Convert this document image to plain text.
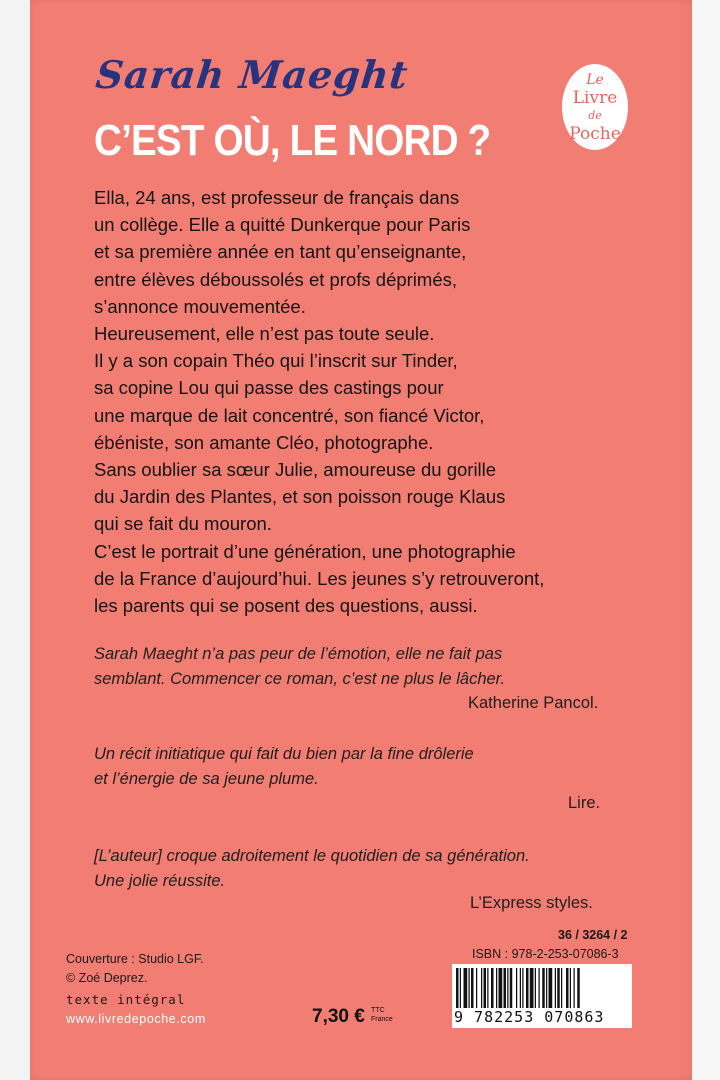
Sarah Maeght
C’EST OÙ, LE NORD ?
Le
Livre
de
Poche
Ella, 24 ans, est professeur de français dans
un collège. Elle a quitté Dunkerque pour Paris
et sa première année en tant qu’enseignante,
entre élèves déboussolés et profs déprimés,
s’annonce mouvementée.
Heureusement, elle n’est pas toute seule.
Il y a son copain Théo qui l’inscrit sur Tinder,
sa copine Lou qui passe des castings pour
une marque de lait concentré, son fiancé Victor,
ébéniste, son amante Cléo, photographe.
Sans oublier sa sœur Julie, amoureuse du gorille
du Jardin des Plantes, et son poisson rouge Klaus
qui se fait du mouron.
C’est le portrait d’une génération, une photographie
de la France d’aujourd’hui. Les jeunes s’y retrouveront,
les parents qui se posent des questions, aussi.
Sarah Maeght n’a pas peur de l’émotion, elle ne fait pas
semblant. Commencer ce roman, c’est ne plus le lâcher.
Katherine Pancol.
Un récit initiatique qui fait du bien par la fine drôlerie
et l’énergie de sa jeune plume.
Lire.
[L’auteur] croque adroitement le quotidien de sa génération.
Une jolie réussite.
L’Express styles.
36 / 3264 / 2
ISBN : 978-2-253-07086-3
Couverture : Studio LGF.
© Zoé Deprez.
texte intégral
www.livredepoche.com	7,30 € TTC
France	9 782253 070863
